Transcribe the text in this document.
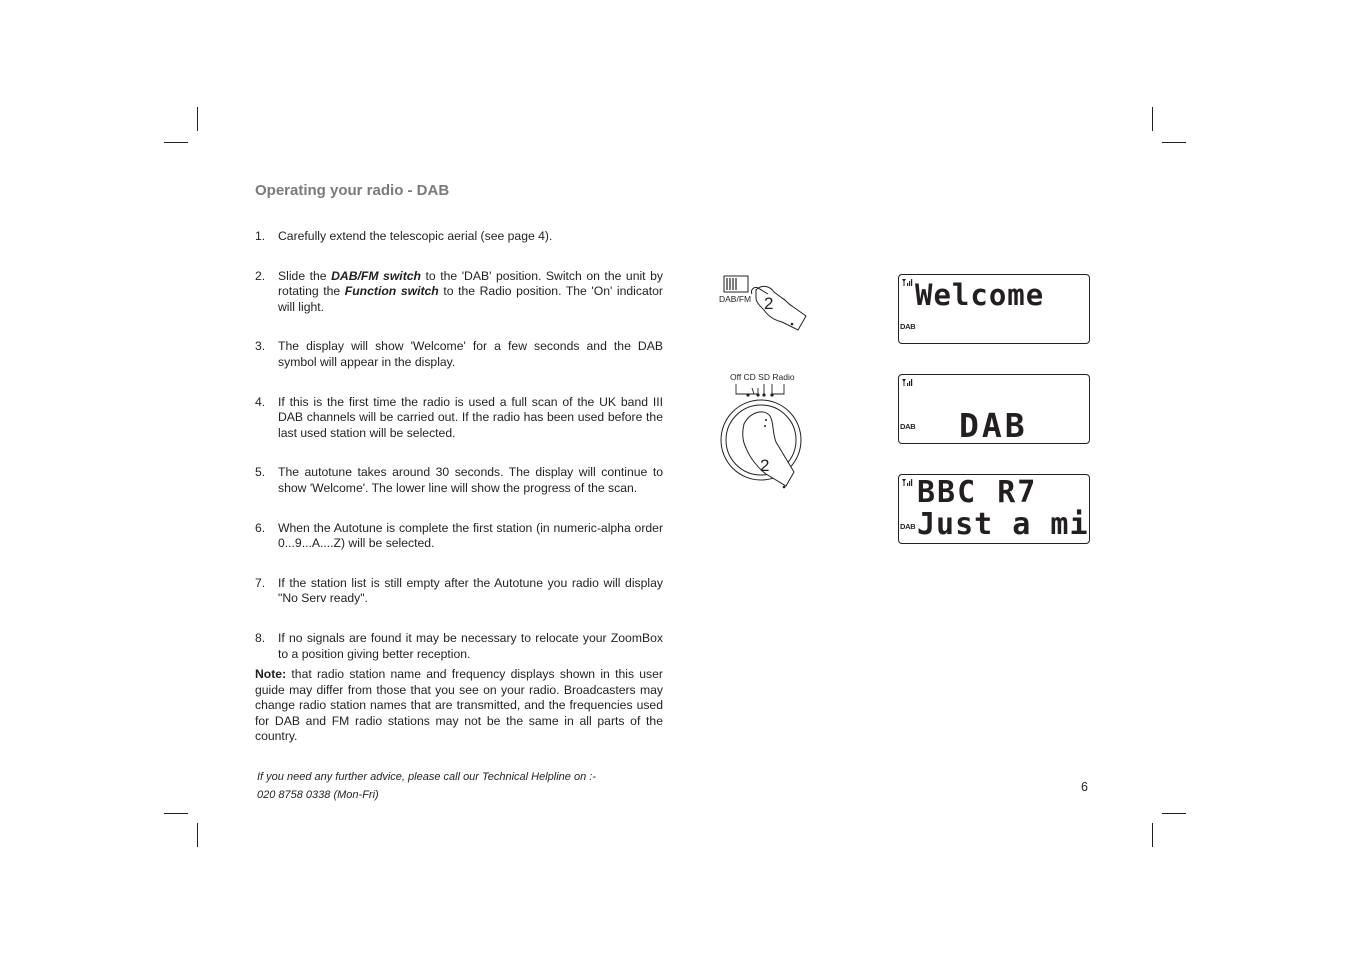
Operating your radio - DAB
1.	Carefully extend the telescopic aerial (see page 4).
2.	Slide the DAB/FM switch to the 'DAB' position. Switch on the unit by rotating the Function switch to the Radio position. The 'On' indicator will light.
3.	The display will show 'Welcome' for a few seconds and the DAB symbol will appear in the display.
4.	If this is the first time the radio is used a full scan of the UK band III DAB channels will be carried out. If the radio has been used before the last used station will be selected.
5.	The autotune takes around 30 seconds. The display will continue to show 'Welcome'. The lower line will show the progress of the scan.
6.	When the Autotune is complete the first station (in numeric-alpha order 0...9...A....Z) will be selected.
7.	If the station list is still empty after the Autotune you radio will display "No Serv ready".
8.	If no signals are found it may be necessary to relocate your ZoomBox to a position giving better reception.
Note: that radio station name and frequency displays shown in this user guide may differ from those that you see on your radio. Broadcasters may change radio station names that are transmitted, and the frequencies used for DAB and FM radio stations may not be the same in all parts of the country.
If you need any further advice, please call our Technical Helpline on :-
020 8758 0338 (Mon-Fri)
6
DAB/FM 2
Off CD SD Radio
2
Welcome
DAB
DAB
DAB
BBC R7
Just a mi
DAB
